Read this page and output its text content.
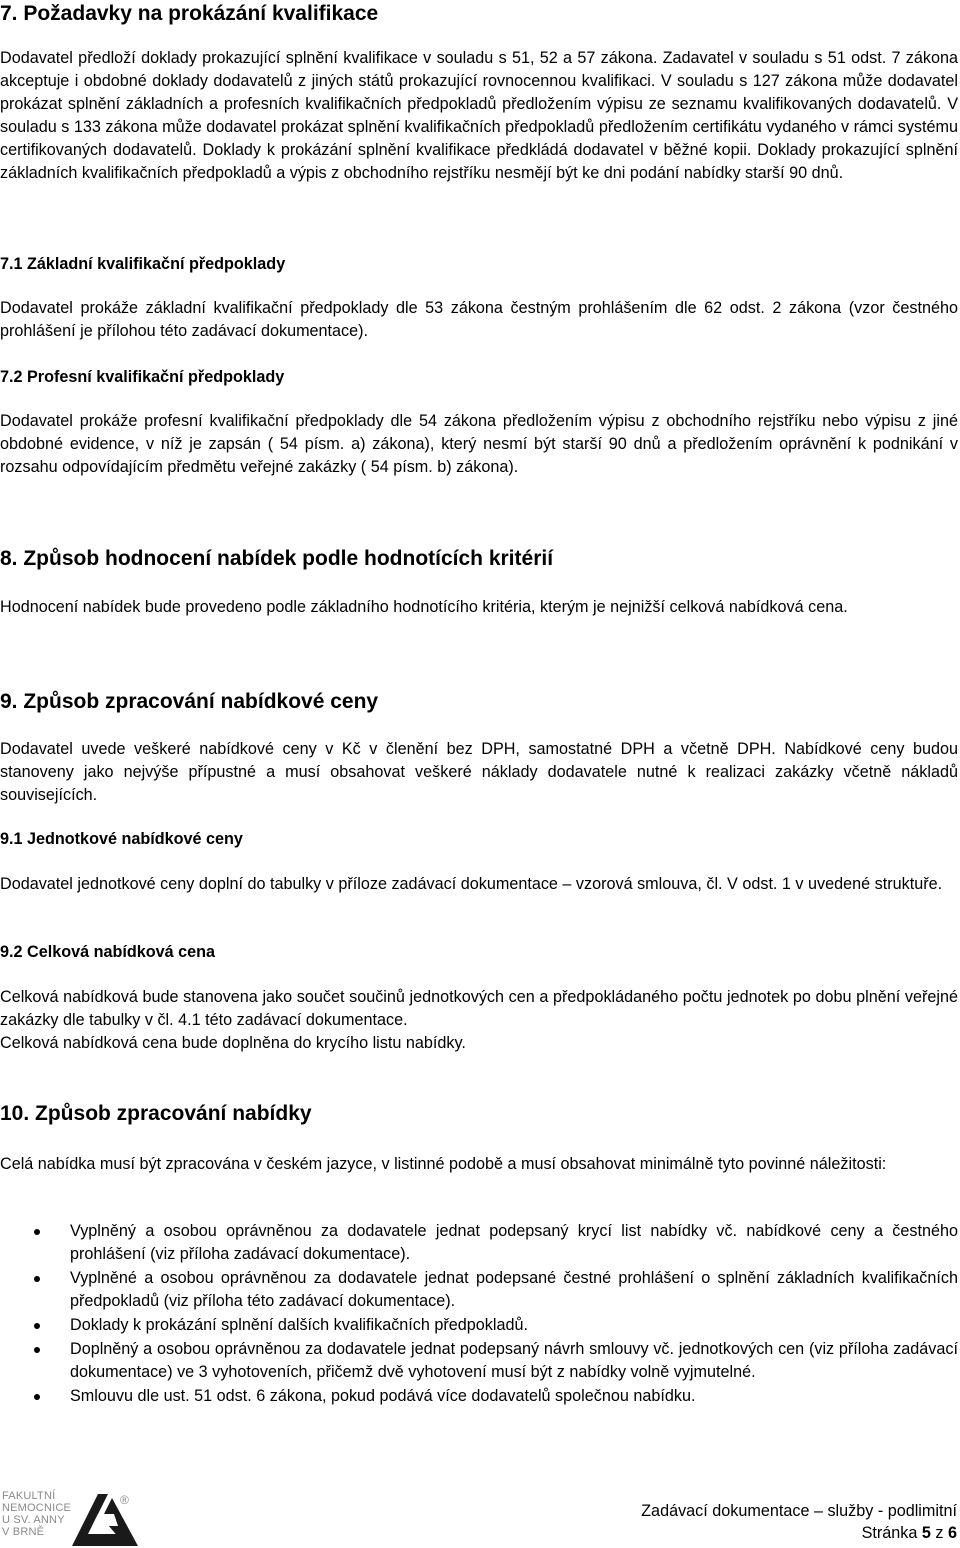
7. Požadavky na prokázání kvalifikace

Dodavatel předloží doklady prokazující splnění kvalifikace v souladu s 51, 52 a 57 zákona. Zadavatel v souladu s 51 odst. 7 zákona akceptuje i obdobné doklady dodavatelů z jiných států prokazující rovnocennou kvalifikaci. V souladu s 127 zákona může dodavatel prokázat splnění základních a profesních kvalifikačních předpokladů předložením výpisu ze seznamu kvalifikovaných dodavatelů. V souladu s 133 zákona může dodavatel prokázat splnění kvalifikačních předpokladů předložením certifikátu vydaného v rámci systému certifikovaných dodavatelů. Doklady k prokázání splnění kvalifikace předkládá dodavatel v běžné kopii. Doklady prokazující splnění základních kvalifikačních předpokladů a výpis z obchodního rejstříku nesmějí být ke dni podání nabídky starší 90 dnů.

7.1 Základní kvalifikační předpoklady

Dodavatel prokáže základní kvalifikační předpoklady dle 53 zákona čestným prohlášením dle 62 odst. 2 zákona (vzor čestného prohlášení je přílohou této zadávací dokumentace).

7.2 Profesní kvalifikační předpoklady

Dodavatel prokáže profesní kvalifikační předpoklady dle 54 zákona předložením výpisu z obchodního rejstříku nebo výpisu z jiné obdobné evidence, v níž je zapsán ( 54 písm. a) zákona), který nesmí být starší 90 dnů a předložením oprávnění k podnikání v rozsahu odpovídajícím předmětu veřejné zakázky ( 54 písm. b) zákona).

8. Způsob hodnocení nabídek podle hodnotících kritérií

Hodnocení nabídek bude provedeno podle základního hodnotícího kritéria, kterým je nejnižší celková nabídková cena.

9. Způsob zpracování nabídkové ceny

Dodavatel uvede veškeré nabídkové ceny v Kč v členění bez DPH, samostatné DPH a včetně DPH. Nabídkové ceny budou stanoveny jako nejvýše přípustné a musí obsahovat veškeré náklady dodavatele nutné k realizaci zakázky včetně nákladů souvisejících.

9.1 Jednotkové nabídkové ceny

Dodavatel jednotkové ceny doplní do tabulky v příloze zadávací dokumentace – vzorová smlouva, čl. V odst. 1 v uvedené struktuře.

9.2 Celková nabídková cena

Celková nabídková bude stanovena jako součet součinů jednotkových cen a předpokládaného počtu jednotek po dobu plnění veřejné zakázky dle tabulky v čl. 4.1 této zadávací dokumentace.

Celková nabídková cena bude doplněna do krycího listu nabídky.

10. Způsob zpracování nabídky

Celá nabídka musí být zpracována v českém jazyce, v listinné podobě a musí obsahovat minimálně tyto povinné náležitosti:

Vyplněný a osobou oprávněnou za dodavatele jednat podepsaný krycí list nabídky vč. nabídkové ceny a čestného prohlášení (viz příloha zadávací dokumentace).
Vyplněné a osobou oprávněnou za dodavatele jednat podepsané čestné prohlášení o splnění základních kvalifikačních předpokladů (viz příloha této zadávací dokumentace).
Doklady k prokázání splnění dalších kvalifikačních předpokladů.
Doplněný a osobou oprávněnou za dodavatele jednat podepsaný návrh smlouvy vč. jednotkových cen (viz příloha zadávací dokumentace) ve 3 vyhotoveních, přičemž dvě vyhotovení musí být z nabídky volně vyjmutelné.
Smlouvu dle ust. 51 odst. 6 zákona, pokud podává více dodavatelů společnou nabídku.
FAKULTNÍ
NEMOCNICE
U SV. ANNY
V BRNĚ
®
Zadávací dokumentace – služby - podlimitní
Stránka 5 z 6
